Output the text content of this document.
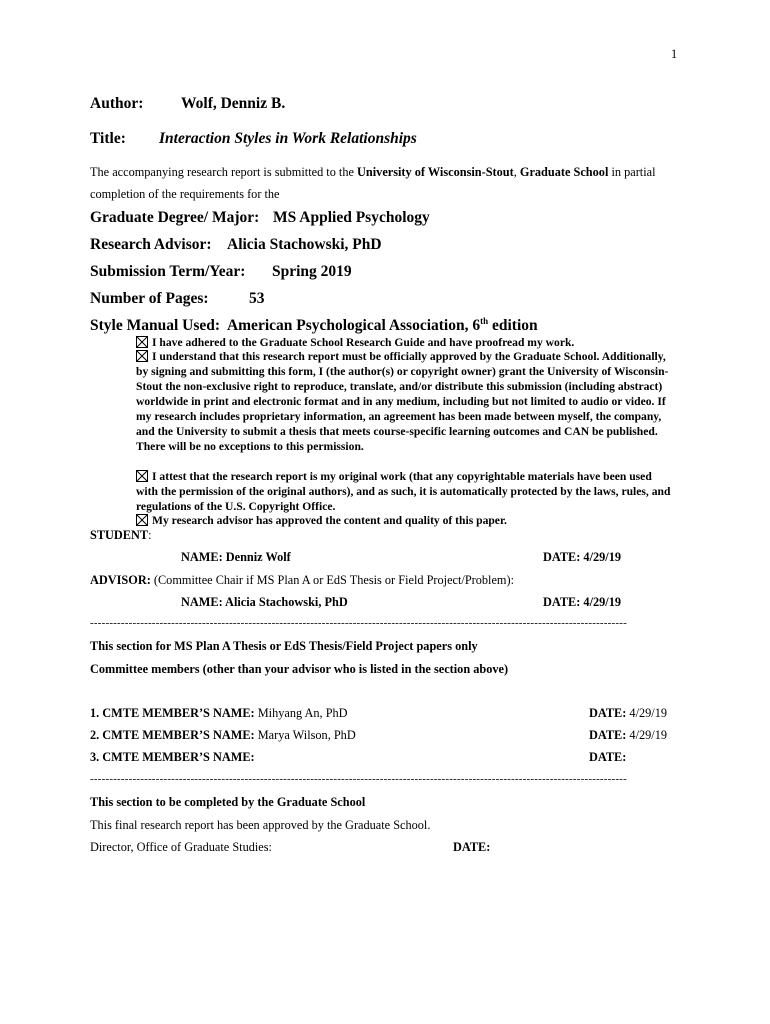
1
Author: Wolf, Denniz B.
Title: Interaction Styles in Work Relationships
The accompanying research report is submitted to the University of Wisconsin-Stout, Graduate School in partial
completion of the requirements for the
Graduate Degree/ Major: MS Applied Psychology
Research Advisor: Alicia Stachowski, PhD
Submission Term/Year: Spring 2019
Number of Pages:	53
Style Manual Used: American Psychological Association, 6th edition
I have adhered to the Graduate School Research Guide and have proofread my work.
I understand that this research report must be officially approved by the Graduate School. Additionally, by signing and submitting this form, I (the author(s) or copyright owner) grant the University of Wisconsin-Stout the non-exclusive right to reproduce, translate, and/or distribute this submission (including abstract) worldwide in print and electronic format and in any medium, including but not limited to audio or video. If my research includes proprietary information, an agreement has been made between myself, the company, and the University to submit a thesis that meets course-specific learning outcomes and CAN be published. There will be no exceptions to this permission.
I attest that the research report is my original work (that any copyrightable materials have been used with the permission of the original authors), and as such, it is automatically protected by the laws, rules, and regulations of the U.S. Copyright Office.
My research advisor has approved the content and quality of this paper.
STUDENT:
NAME: Denniz Wolf	DATE: 4/29/19
ADVISOR: (Committee Chair if MS Plan A or EdS Thesis or Field Project/Problem):
NAME: Alicia Stachowski, PhD	DATE: 4/29/19
-------------------------------------------------------------------------------------------------------------------------------------------
This section for MS Plan A Thesis or EdS Thesis/Field Project papers only
Committee members (other than your advisor who is listed in the section above)
1. CMTE MEMBER’S NAME: Mihyang An, PhD	DATE: 4/29/19
2. CMTE MEMBER’S NAME: Marya Wilson, PhD	DATE: 4/29/19
3. CMTE MEMBER’S NAME:	DATE:
-------------------------------------------------------------------------------------------------------------------------------------------
This section to be completed by the Graduate School
This final research report has been approved by the Graduate School.
Director, Office of Graduate Studies:	DATE:
